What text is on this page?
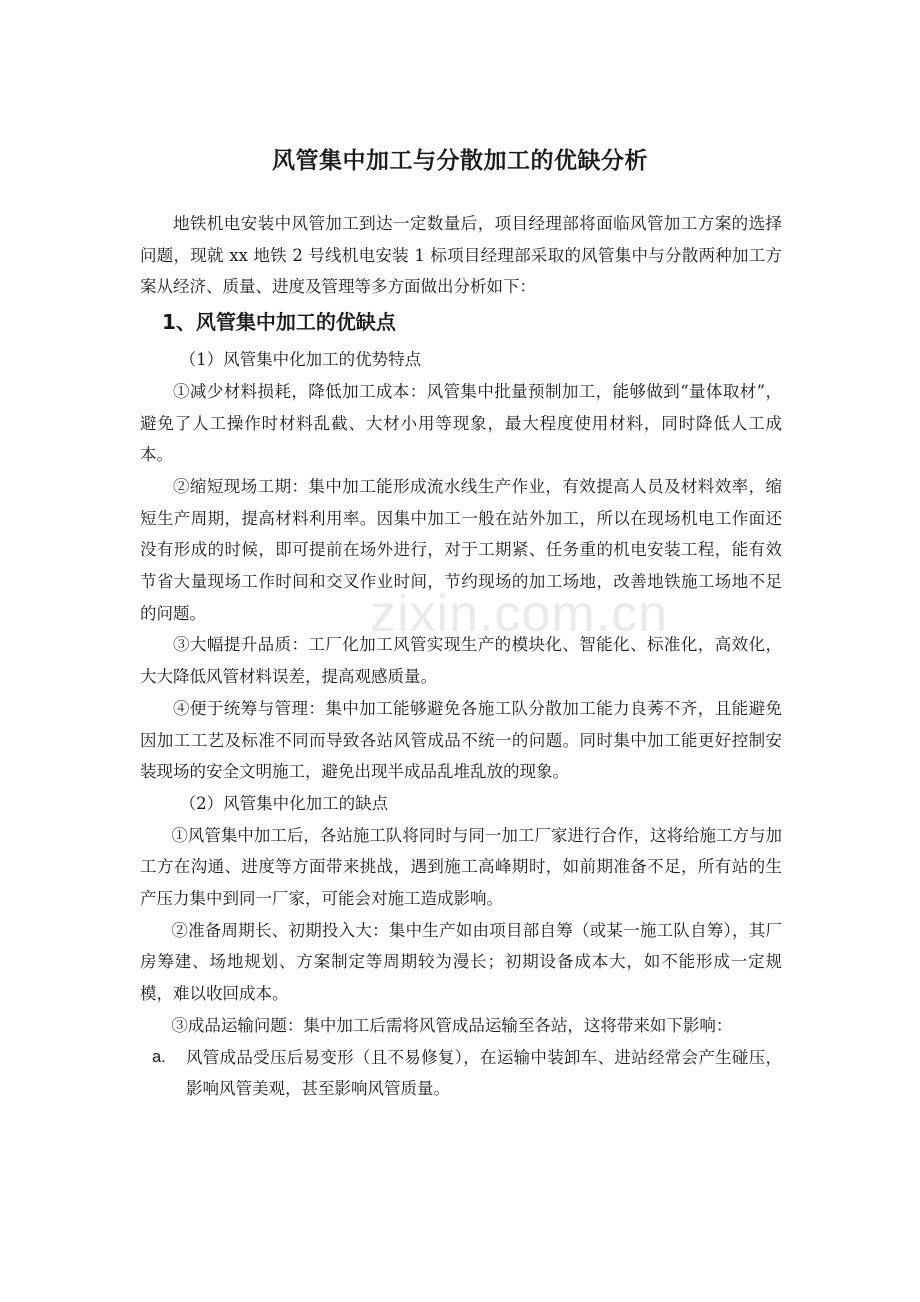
风管集中加工与分散加工的优缺分析
zixin.com.cn

地铁机电安装中风管加工到达一定数量后，项目经理部将面临风管加工方案的选择问题，现就 xx 地铁 2 号线机电安装 1 标项目经理部采取的风管集中与分散两种加工方案从经济、质量、进度及管理等多方面做出分析如下：

1、风管集中加工的优缺点

（1）风管集中化加工的优势特点

①减少材料损耗，降低加工成本：风管集中批量预制加工，能够做到“量体取材”，避免了人工操作时材料乱截、大材小用等现象，最大程度使用材料，同时降低人工成本。

②缩短现场工期：集中加工能形成流水线生产作业，有效提高人员及材料效率，缩短生产周期，提高材料利用率。因集中加工一般在站外加工，所以在现场机电工作面还没有形成的时候，即可提前在场外进行，对于工期紧、任务重的机电安装工程，能有效节省大量现场工作时间和交叉作业时间，节约现场的加工场地，改善地铁施工场地不足的问题。

③大幅提升品质：工厂化加工风管实现生产的模块化、智能化、标准化，高效化，大大降低风管材料误差，提高观感质量。

④便于统筹与管理：集中加工能够避免各施工队分散加工能力良莠不齐，且能避免因加工工艺及标准不同而导致各站风管成品不统一的问题。同时集中加工能更好控制安装现场的安全文明施工，避免出现半成品乱堆乱放的现象。

（2）风管集中化加工的缺点

①风管集中加工后，各站施工队将同时与同一加工厂家进行合作，这将给施工方与加工方在沟通、进度等方面带来挑战，遇到施工高峰期时，如前期准备不足，所有站的生产压力集中到同一厂家，可能会对施工造成影响。

②准备周期长、初期投入大：集中生产如由项目部自筹（或某一施工队自筹），其厂房筹建、场地规划、方案制定等周期较为漫长；初期设备成本大，如不能形成一定规模，难以收回成本。

③成品运输问题：集中加工后需将风管成品运输至各站，这将带来如下影响：

a.	风管成品受压后易变形（且不易修复），在运输中装卸车、进站经常会产生碰压，影响风管美观，甚至影响风管质量。
